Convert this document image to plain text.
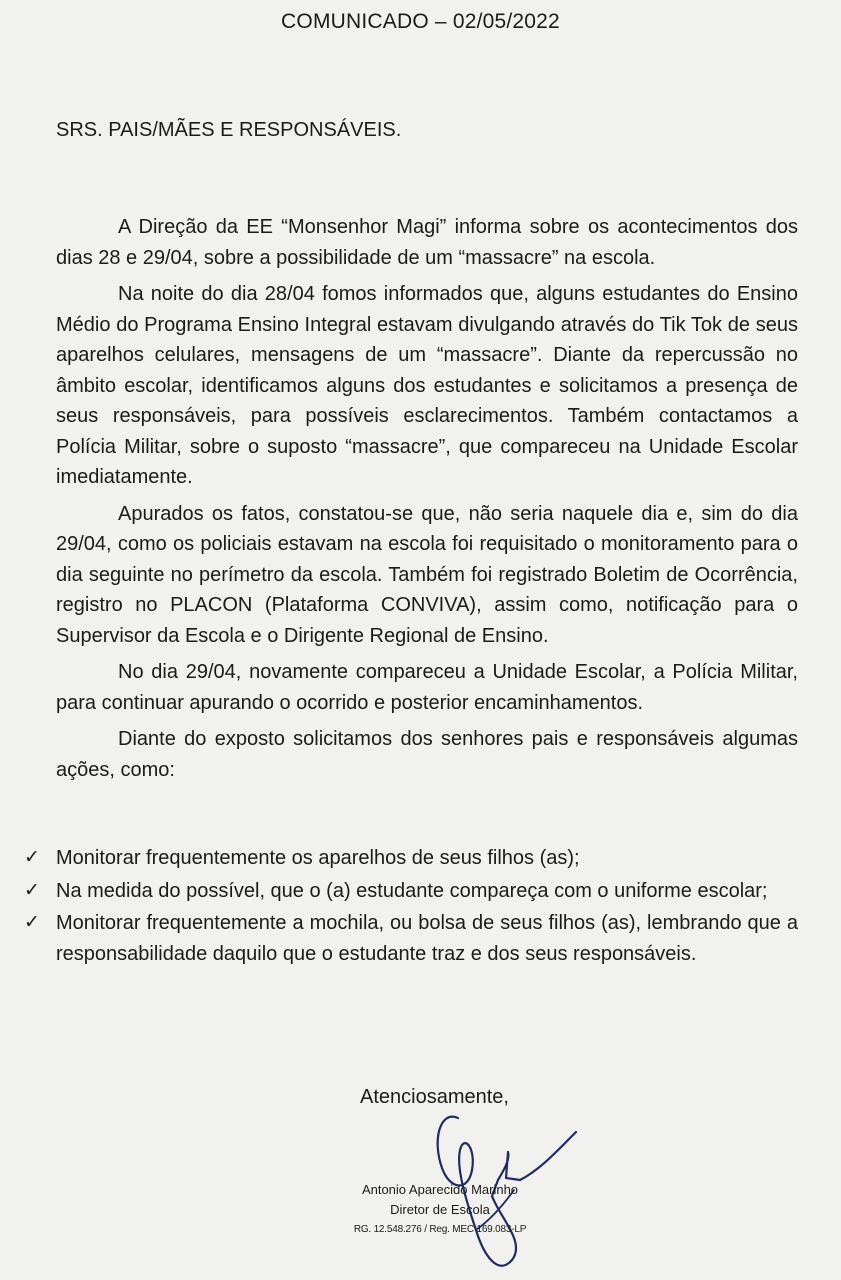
COMUNICADO – 02/05/2022
SRS. PAIS/MÃES E RESPONSÁVEIS.

A Direção da EE “Monsenhor Magi” informa sobre os acontecimentos dos dias 28 e 29/04, sobre a possibilidade de um “massacre” na escola.

Na noite do dia 28/04 fomos informados que, alguns estudantes do Ensino Médio do Programa Ensino Integral estavam divulgando através do Tik Tok de seus aparelhos celulares, mensagens de um “massacre”. Diante da repercussão no âmbito escolar, identificamos alguns dos estudantes e solicitamos a presença de seus responsáveis, para possíveis esclarecimentos. Também contactamos a Polícia Militar, sobre o suposto “massacre”, que compareceu na Unidade Escolar imediatamente.

Apurados os fatos, constatou-se que, não seria naquele dia e, sim do dia 29/04, como os policiais estavam na escola foi requisitado o monitoramento para o dia seguinte no perímetro da escola. Também foi registrado Boletim de Ocorrência, registro no PLACON (Plataforma CONVIVA), assim como, notificação para o Supervisor da Escola e o Dirigente Regional de Ensino.

No dia 29/04, novamente compareceu a Unidade Escolar, a Polícia Militar, para continuar apurando o ocorrido e posterior encaminhamentos.

Diante do exposto solicitamos dos senhores pais e responsáveis algumas ações, como:

✓ Monitorar frequentemente os aparelhos de seus filhos (as);
✓ Na medida do possível, que o (a) estudante compareça com o uniforme escolar;
✓ Monitorar frequentemente a mochila, ou bolsa de seus filhos (as), lembrando que a responsabilidade daquilo que o estudante traz e dos seus responsáveis.
Atenciosamente,
Antonio Aparecido Marinho
Diretor de Escola
RG. 12.548.276 / Reg. MEC 169.083-LP
